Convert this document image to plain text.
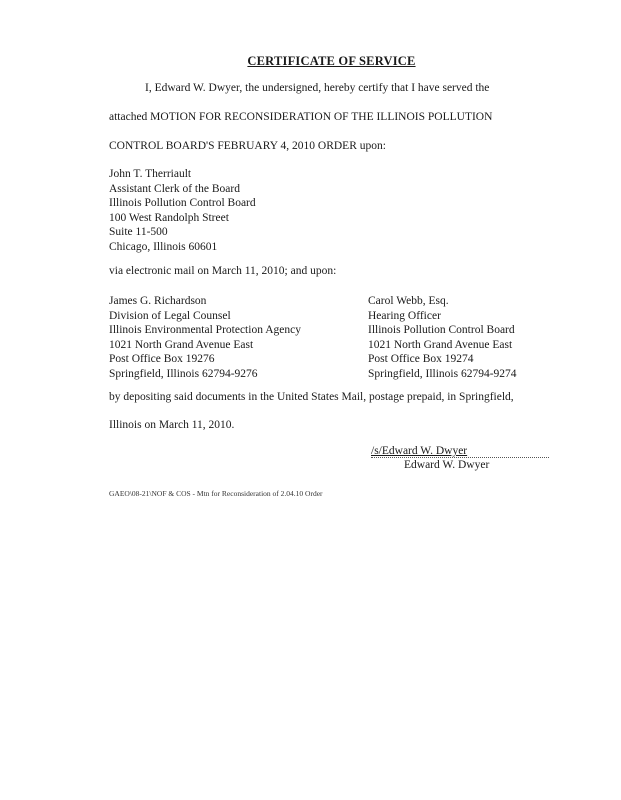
CERTIFICATE OF SERVICE
I, Edward W. Dwyer, the undersigned, hereby certify that I have served the
attached MOTION FOR RECONSIDERATION OF THE ILLINOIS POLLUTION
CONTROL BOARD'S FEBRUARY 4, 2010 ORDER upon:
John T. Therriault
Assistant Clerk of the Board
Illinois Pollution Control Board
100 West Randolph Street
Suite 11-500
Chicago, Illinois 60601
via electronic mail on March 11, 2010; and upon:
James G. Richardson
Division of Legal Counsel
Illinois Environmental Protection Agency
1021 North Grand Avenue East
Post Office Box 19276
Springfield, Illinois 62794-9276
Carol Webb, Esq.
Hearing Officer
Illinois Pollution Control Board
1021 North Grand Avenue East
Post Office Box 19274
Springfield, Illinois 62794-9274
by depositing said documents in the United States Mail, postage prepaid, in Springfield,
Illinois on March 11, 2010.
/s/Edward W. Dwyer
Edward W. Dwyer
GAEO\08-21\NOF & COS - Mtn for Reconsideration of 2.04.10 Order
